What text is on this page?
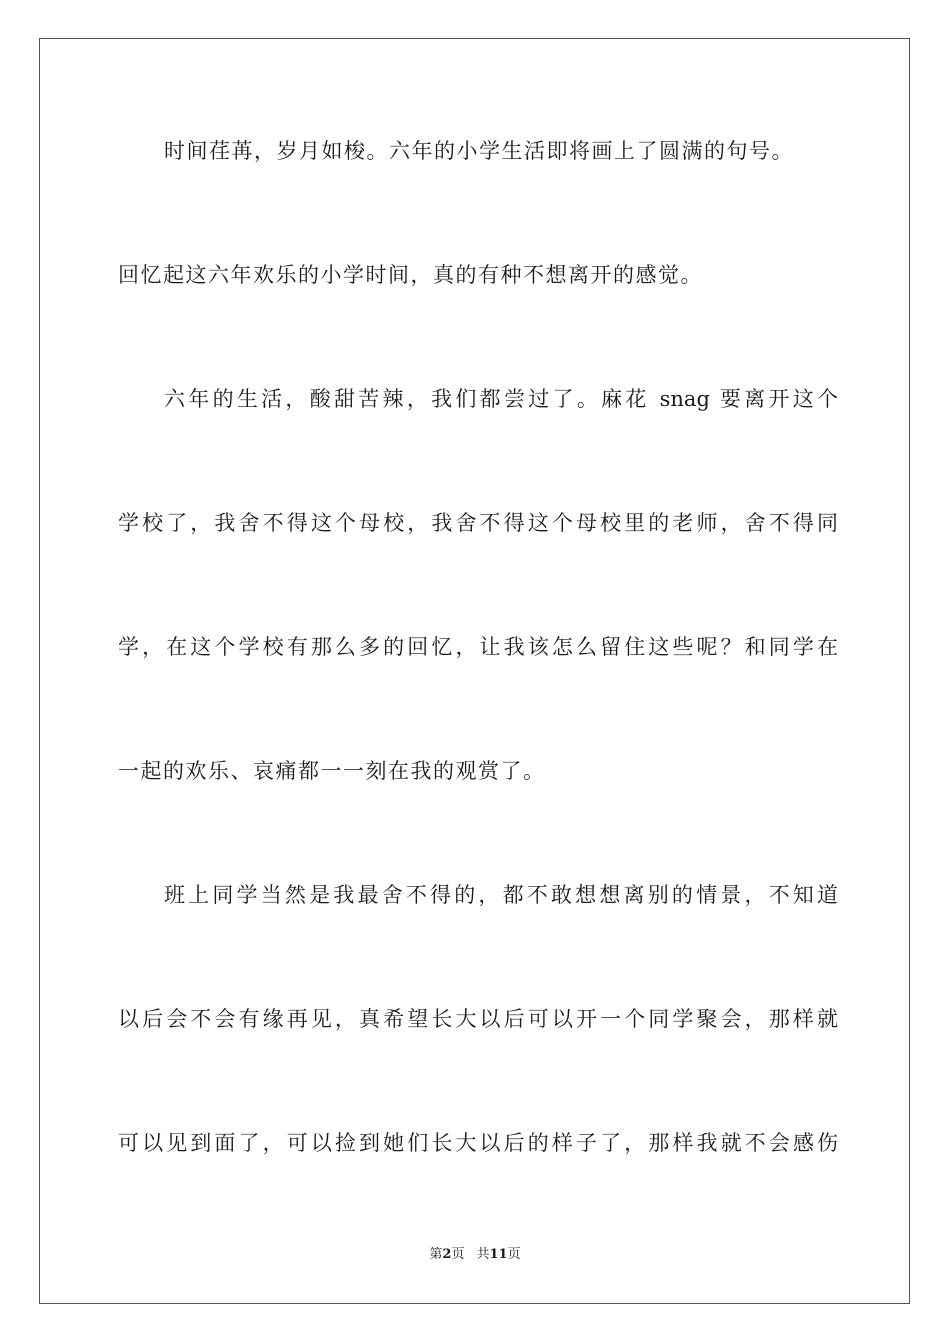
时间荏苒，岁月如梭。六年的小学生活即将画上了圆满的句号。
回忆起这六年欢乐的小学时间，真的有种不想离开的感觉。
六年的生活，酸甜苦辣，我们都尝过了。麻花 snag 要离开这个
学校了，我舍不得这个母校，我舍不得这个母校里的老师，舍不得同
学，在这个学校有那么多的回忆，让我该怎么留住这些呢？和同学在
一起的欢乐、哀痛都一一刻在我的观赏了。
班上同学当然是我最舍不得的，都不敢想想离别的情景，不知道
以后会不会有缘再见，真希望长大以后可以开一个同学聚会，那样就
可以见到面了，可以捡到她们长大以后的样子了，那样我就不会感伤
第2页 共11页
